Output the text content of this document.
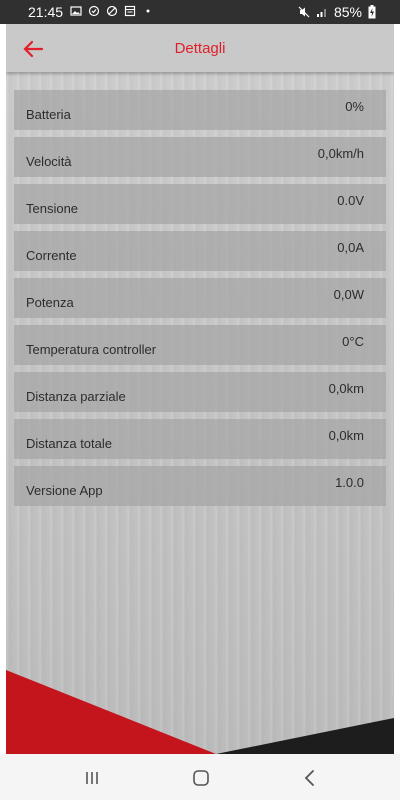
21:45	85%
Dettagli
Batteria
0%
Velocità
0,0km/h
Tensione
0.0V
Corrente
0,0A
Potenza
0,0W
Temperatura controller
0°C
Distanza parziale
0,0km
Distanza totale
0,0km
Versione App
1.0.0
